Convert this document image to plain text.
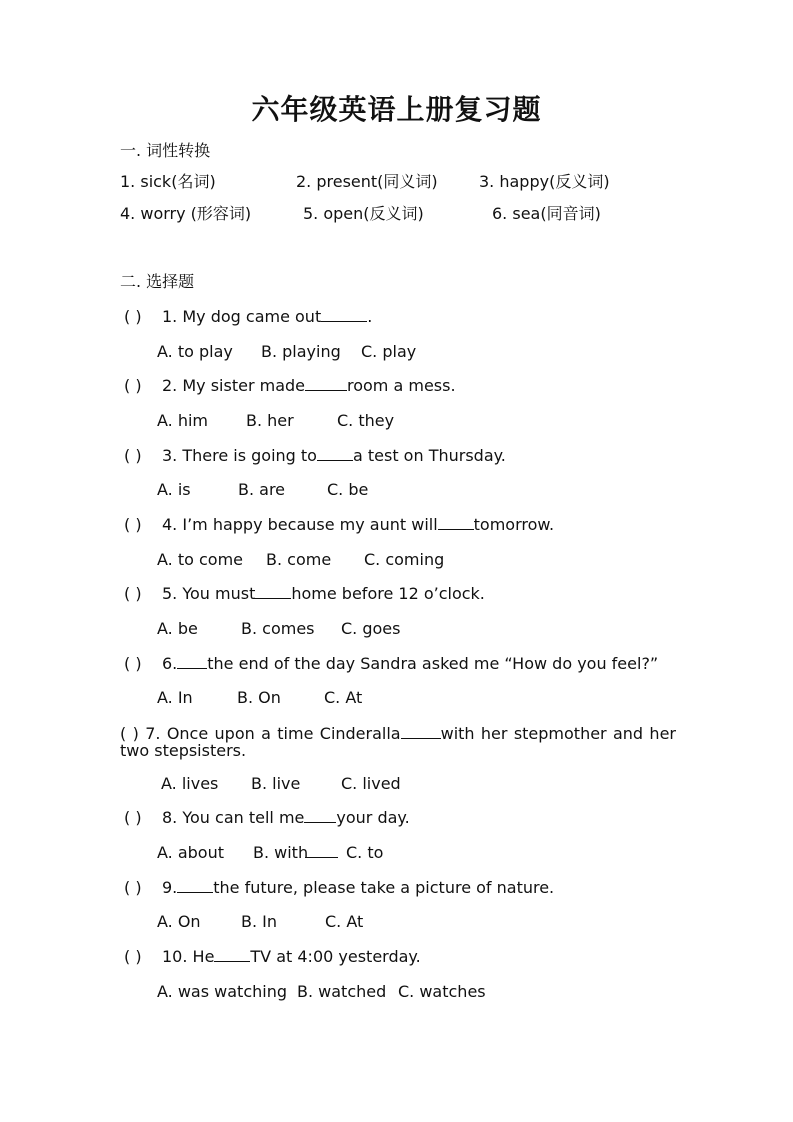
六年级英语上册复习题
一. 词性转换
1. sick(名词)	2. present(同义词)	3. happy(反义词)
4. worry (形容词)	5. open(反义词)	6. sea(同音词)
二. 选择题
( ) 1. My dog came out	.
A. to play B. playing C. play
( ) 2. My sister made	room a mess.
A. him B. her	C. they
( ) 3. There is going to a test on Thursday.
A. is	B. are	C. be
( ) 4. I’m happy because my aunt will tomorrow.
A. to come B. come C. coming
( ) 5. You must home before 12 o’clock.
A. be	B. comes C. goes
( ) 6. the end of the day Sandra asked me “How do you feel?”
A. In	B. On	C. At
( ) 7. Once upon a time Cinderalla	with her stepmother and her two stepsisters.
A. lives B. live	C. lived
( ) 8. You can tell me your day.
A. about B. with C. to
( ) 9. the future, please take a picture of nature.
A. On	B. In	C. At
( ) 10. He TV at 4:00 yesterday.
A. was watching B. watched C. watches
